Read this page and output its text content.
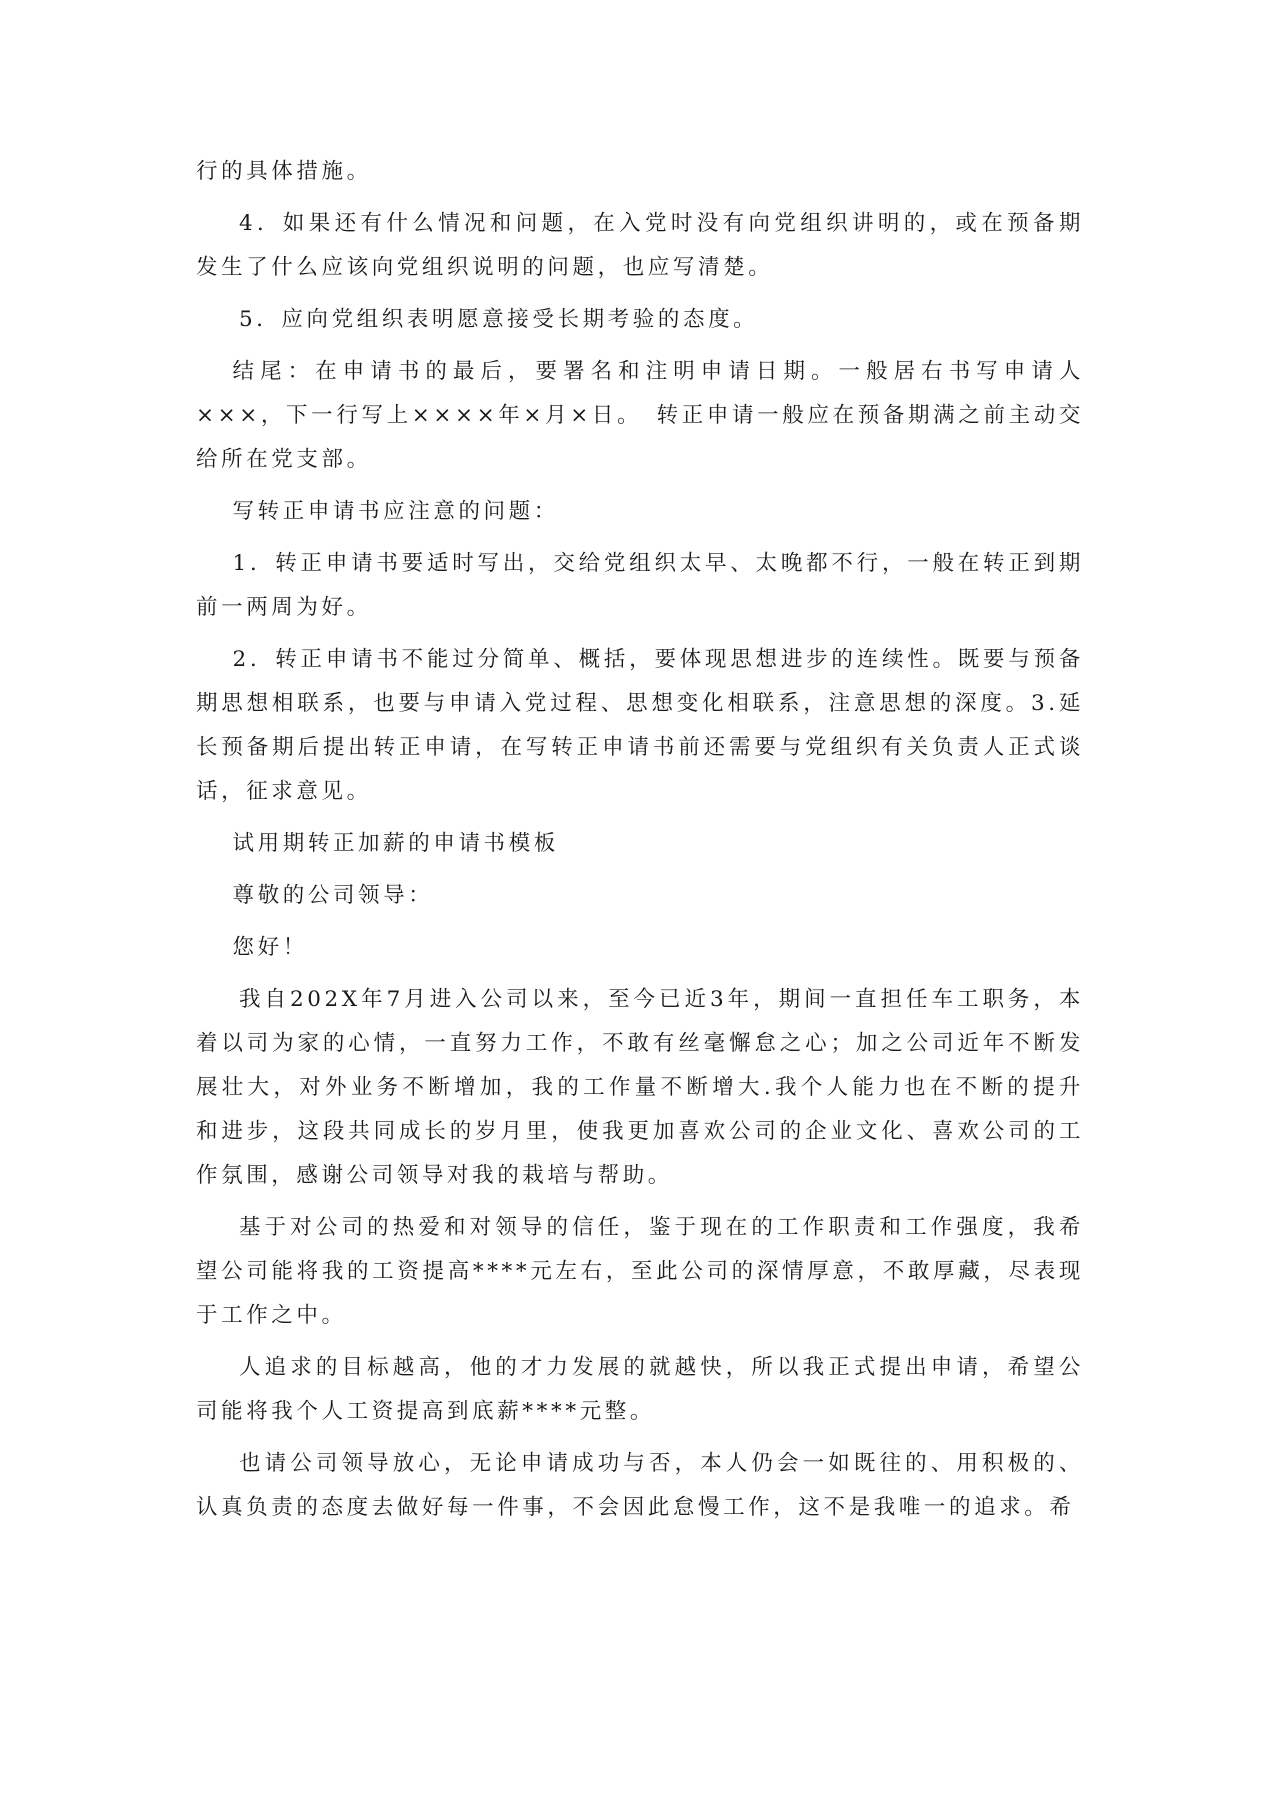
行的具体措施。

4．如果还有什么情况和问题，在入党时没有向党组织讲明的，或在预备期发生了什么应该向党组织说明的问题，也应写清楚。

5．应向党组织表明愿意接受长期考验的态度。

结尾：在申请书的最后，要署名和注明申请日期。一般居右书写申请人×××，下一行写上××××年×月×日。　转正申请一般应在预备期满之前主动交给所在党支部。

写转正申请书应注意的问题：

1．转正申请书要适时写出，交给党组织太早、太晚都不行，一般在转正到期前一两周为好。

2．转正申请书不能过分简单、概括，要体现思想进步的连续性。既要与预备期思想相联系，也要与申请入党过程、思想变化相联系，注意思想的深度。3.延长预备期后提出转正申请，在写转正申请书前还需要与党组织有关负责人正式谈话，征求意见。

试用期转正加薪的申请书模板

尊敬的公司领导：

您好！

我自202X年7月进入公司以来，至今已近3年，期间一直担任车工职务，本着以司为家的心情，一直努力工作，不敢有丝毫懈怠之心；加之公司近年不断发展壮大，对外业务不断增加，我的工作量不断增大.我个人能力也在不断的提升和进步，这段共同成长的岁月里，使我更加喜欢公司的企业文化、喜欢公司的工作氛围，感谢公司领导对我的栽培与帮助。

基于对公司的热爱和对领导的信任，鉴于现在的工作职责和工作强度，我希望公司能将我的工资提高****元左右，至此公司的深情厚意，不敢厚藏，尽表现于工作之中。

人追求的目标越高，他的才力发展的就越快，所以我正式提出申请，希望公司能将我个人工资提高到底薪****元整。

也请公司领导放心，无论申请成功与否，本人仍会一如既往的、用积极的、认真负责的态度去做好每一件事，不会因此怠慢工作，这不是我唯一的追求。希
